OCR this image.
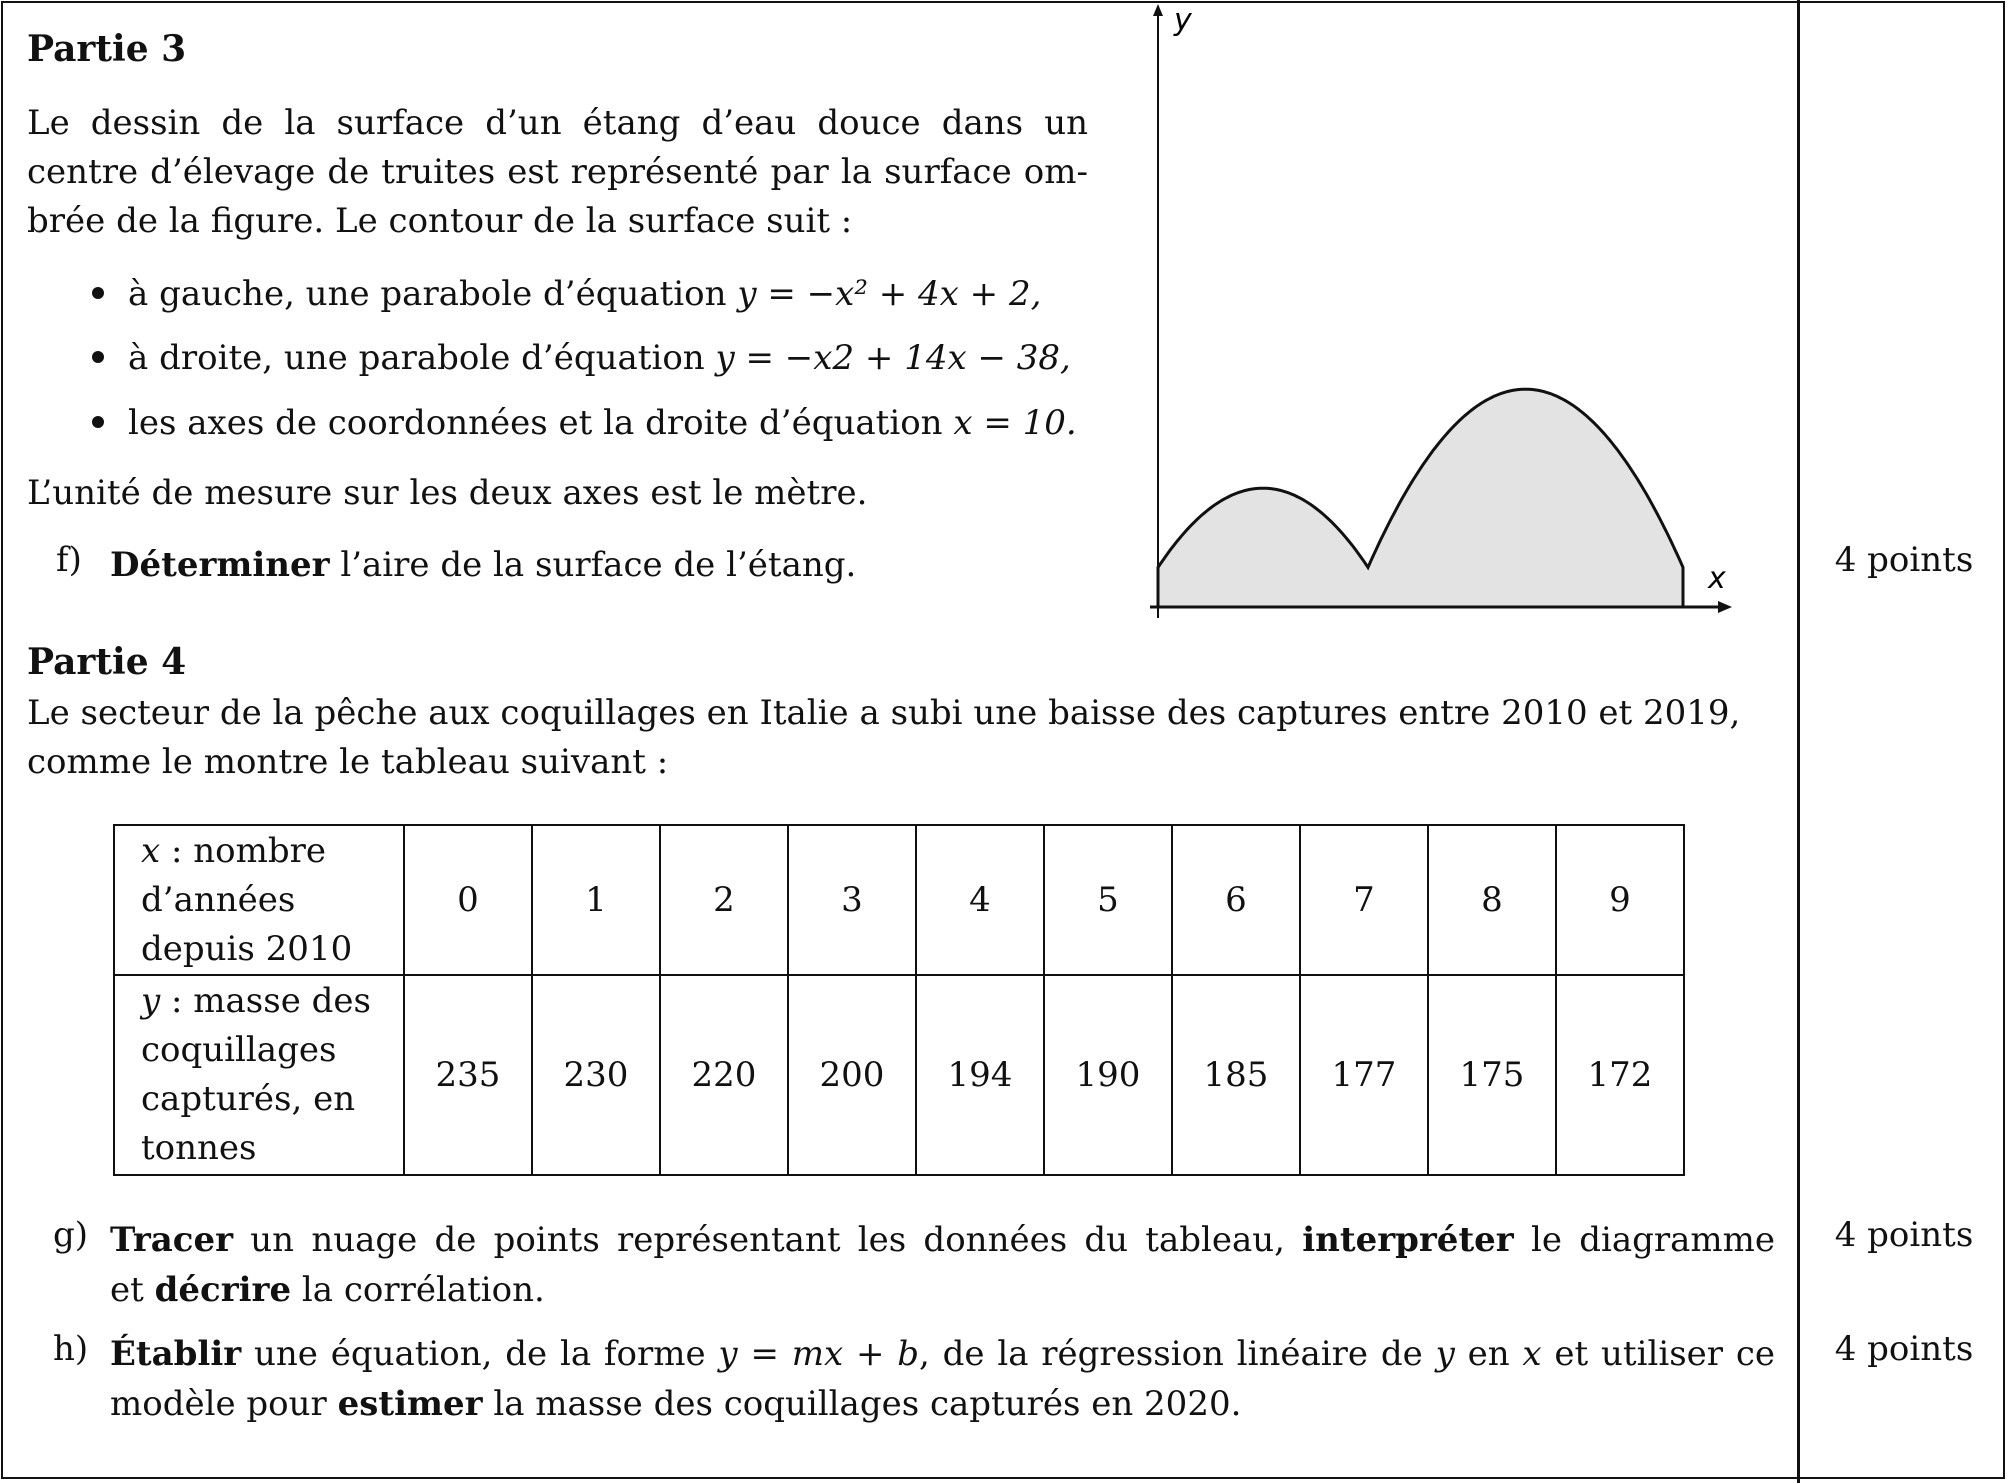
Partie 3

Le dessin de la surface d’un étang d’eau douce dans un

centre d’élevage de truites est représenté par la surface om-

brée de la figure. Le contour de la surface suit :

à gauche, une parabole d’équation y = −x² + 4x + 2,
à droite, une parabole d’équation y = −x2 + 14x − 38,
les axes de coordonnées et la droite d’équation x = 10.

L’unité de mesure sur les deux axes est le mètre.

f) Déterminer l’aire de la surface de l’étang.	4 points
y
x
Partie 4

Le secteur de la pêche aux coquillages en Italie a subi une baisse des captures entre 2010 et 2019,

comme le montre le tableau suivant :

x : nombre
d’années
depuis 2010	0	1	2	3	4	5	6	7	8	9

y : masse des
coquillages
capturés, en
tonnes	235	230	220	200	194	190	185	177	175	172
g) Tracer un nuage de points représentant les données du tableau, interpréter le diagramme
et décrire la corrélation.
4 points
h) Établir une équation, de la forme y = mx + b, de la régression linéaire de y en x et utiliser ce
modèle pour estimer la masse des coquillages capturés en 2020.
4 points
